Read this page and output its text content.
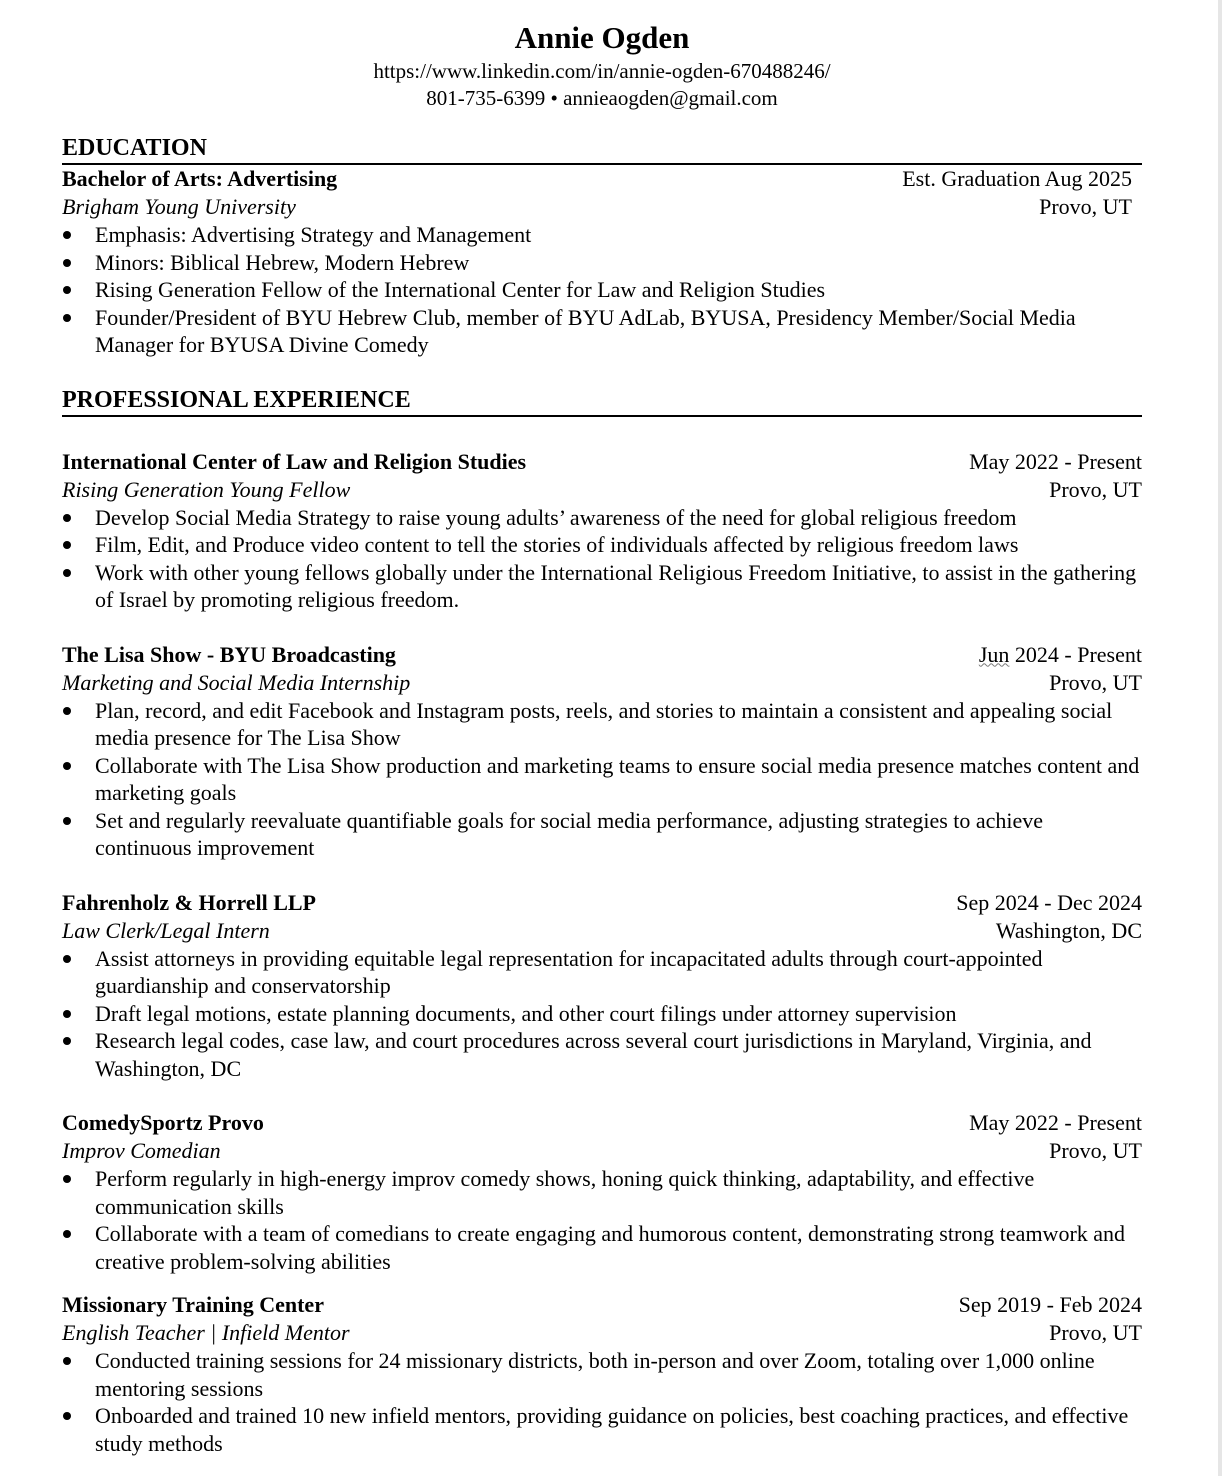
Annie Ogden
https://www.linkedin.com/in/annie-ogden-670488246/
801-735-6399 • annieaogden@gmail.com
EDUCATION
Bachelor of Arts: Advertising	Est. Graduation Aug 2025
Brigham Young University	Provo, UT
Emphasis: Advertising Strategy and Management
Minors: Biblical Hebrew, Modern Hebrew
Rising Generation Fellow of the International Center for Law and Religion Studies
Founder/President of BYU Hebrew Club, member of BYU AdLab, BYUSA, Presidency Member/Social Media Manager for BYUSA Divine Comedy
PROFESSIONAL EXPERIENCE
International Center of Law and Religion Studies	May 2022 - Present
Rising Generation Young Fellow	Provo, UT
Develop Social Media Strategy to raise young adults’ awareness of the need for global religious freedom
Film, Edit, and Produce video content to tell the stories of individuals affected by religious freedom laws
Work with other young fellows globally under the International Religious Freedom Initiative, to assist in the gathering of Israel by promoting religious freedom.
The Lisa Show - BYU Broadcasting	Jun 2024 - Present
Marketing and Social Media Internship	Provo, UT
Plan, record, and edit Facebook and Instagram posts, reels, and stories to maintain a consistent and appealing social media presence for The Lisa Show
Collaborate with The Lisa Show production and marketing teams to ensure social media presence matches content and marketing goals
Set and regularly reevaluate quantifiable goals for social media performance, adjusting strategies to achieve continuous improvement
Fahrenholz & Horrell LLP	Sep 2024 - Dec 2024
Law Clerk/Legal Intern	Washington, DC
Assist attorneys in providing equitable legal representation for incapacitated adults through court-appointed guardianship and conservatorship
Draft legal motions, estate planning documents, and other court filings under attorney supervision
Research legal codes, case law, and court procedures across several court jurisdictions in Maryland, Virginia, and Washington, DC
ComedySportz Provo	May 2022 - Present
Improv Comedian	Provo, UT
Perform regularly in high-energy improv comedy shows, honing quick thinking, adaptability, and effective communication skills
Collaborate with a team of comedians to create engaging and humorous content, demonstrating strong teamwork and creative problem-solving abilities
Missionary Training Center	Sep 2019 - Feb 2024
English Teacher | Infield Mentor	Provo, UT
Conducted training sessions for 24 missionary districts, both in-person and over Zoom, totaling over 1,000 online mentoring sessions
Onboarded and trained 10 new infield mentors, providing guidance on policies, best coaching practices, and effective study methods
